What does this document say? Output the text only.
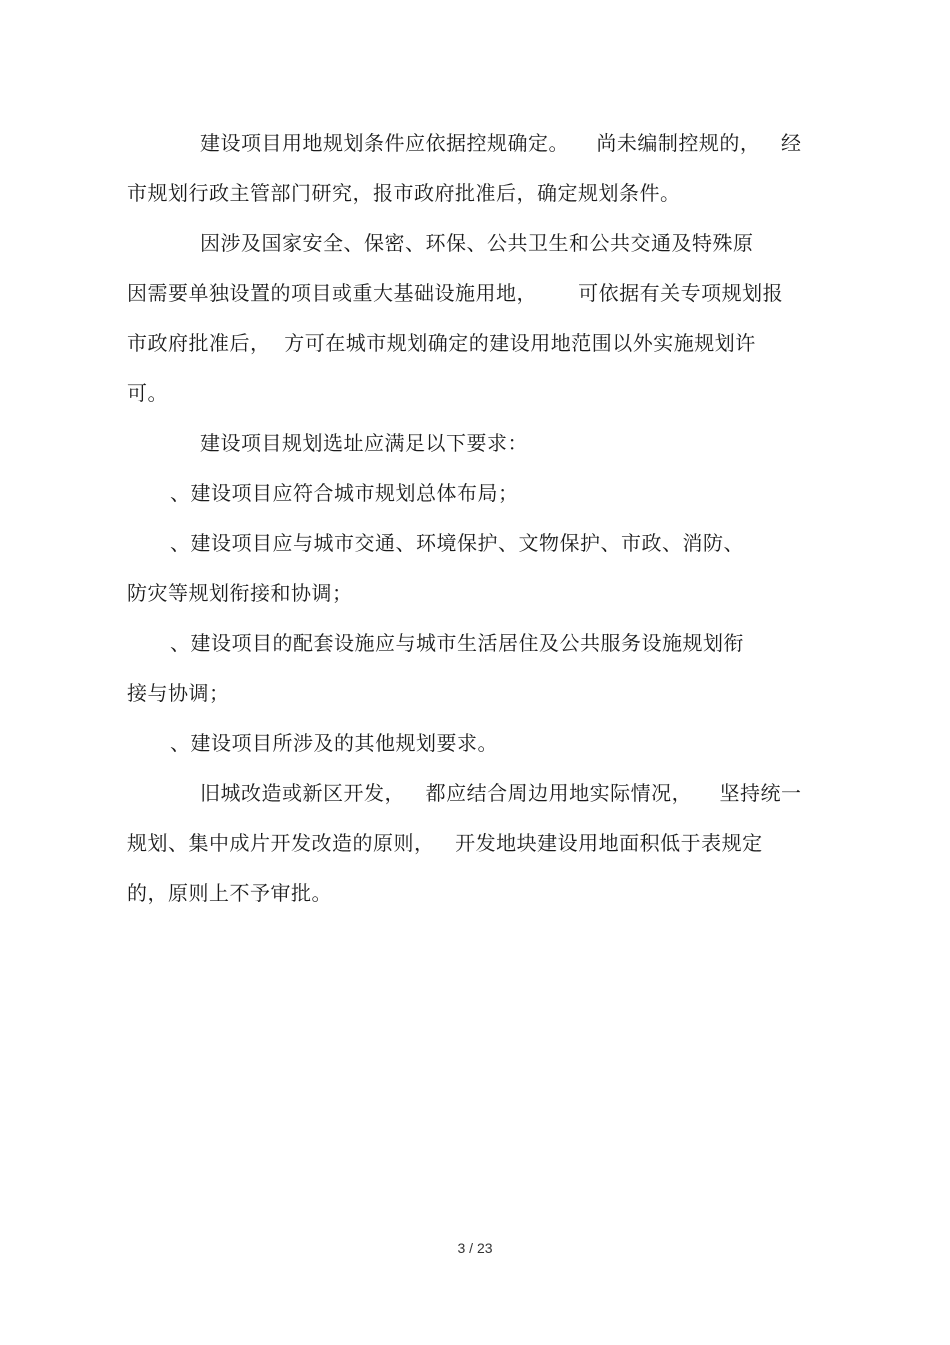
建设项目用地规划条件应依据控规确定。    尚未编制控规的，   经
市规划行政主管部门研究，报市政府批准后，确定规划条件。
因涉及国家安全、保密、环保、公共卫生和公共交通及特殊原
因需要单独设置的项目或重大基础设施用地，      可依据有关专项规划报
市政府批准后，  方可在城市规划确定的建设用地范围以外实施规划许
可。
建设项目规划选址应满足以下要求：
、建设项目应符合城市规划总体布局；
、建设项目应与城市交通、环境保护、文物保护、市政、消防、
防灾等规划衔接和协调；
、建设项目的配套设施应与城市生活居住及公共服务设施规划衔
接与协调；
、建设项目所涉及的其他规划要求。
旧城改造或新区开发，   都应结合周边用地实际情况，    坚持统一
规划、集中成片开发改造的原则，   开发地块建设用地面积低于表规定
的，原则上不予审批。
3 / 23
